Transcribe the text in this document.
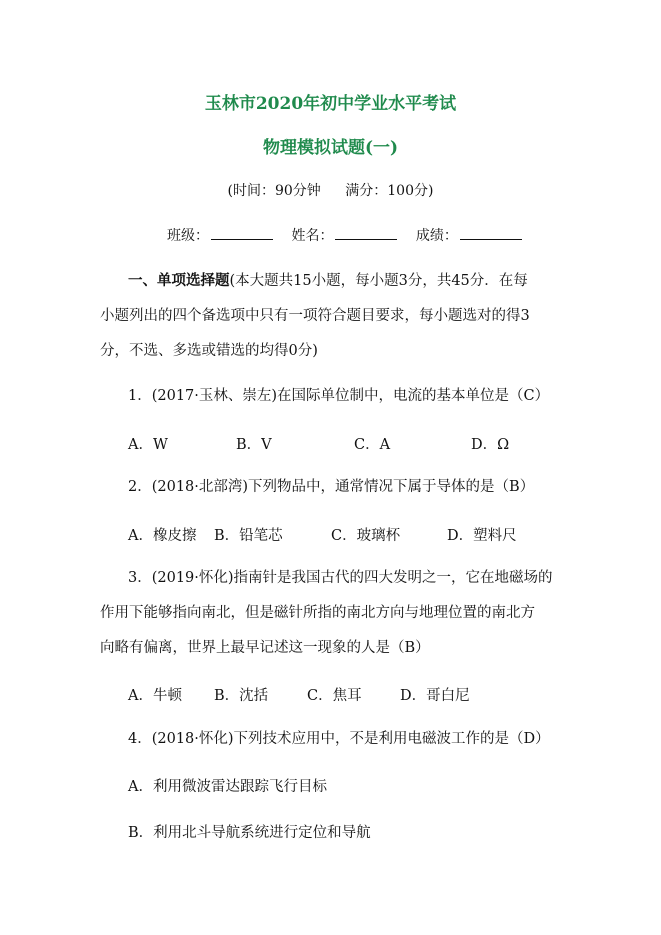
玉林市2020年初中学业水平考试
物理模拟试题(一)
(时间：90分钟 满分：100分)
班级：	姓名：	成绩：
一、单项选择题(本大题共15小题，每小题3分，共45分．在每
小题列出的四个备选项中只有一项符合题目要求，每小题选对的得3
分，不选、多选或错选的均得0分)
1．(2017·玉林、崇左)在国际单位制中，电流的基本单位是（C）
A．W	B．V	C．A	D．Ω
2．(2018·北部湾)下列物品中，通常情况下属于导体的是（B）
A．橡皮擦 B．铅笔芯	C．玻璃杯	D．塑料尺
3．(2019·怀化)指南针是我国古代的四大发明之一，它在地磁场的
作用下能够指向南北，但是磁针所指的南北方向与地理位置的南北方
向略有偏离，世界上最早记述这一现象的人是（B）
A．牛顿 B．沈括	C．焦耳	D．哥白尼
4．(2018·怀化)下列技术应用中，不是利用电磁波工作的是（D）
A．利用微波雷达跟踪飞行目标
B．利用北斗导航系统进行定位和导航
